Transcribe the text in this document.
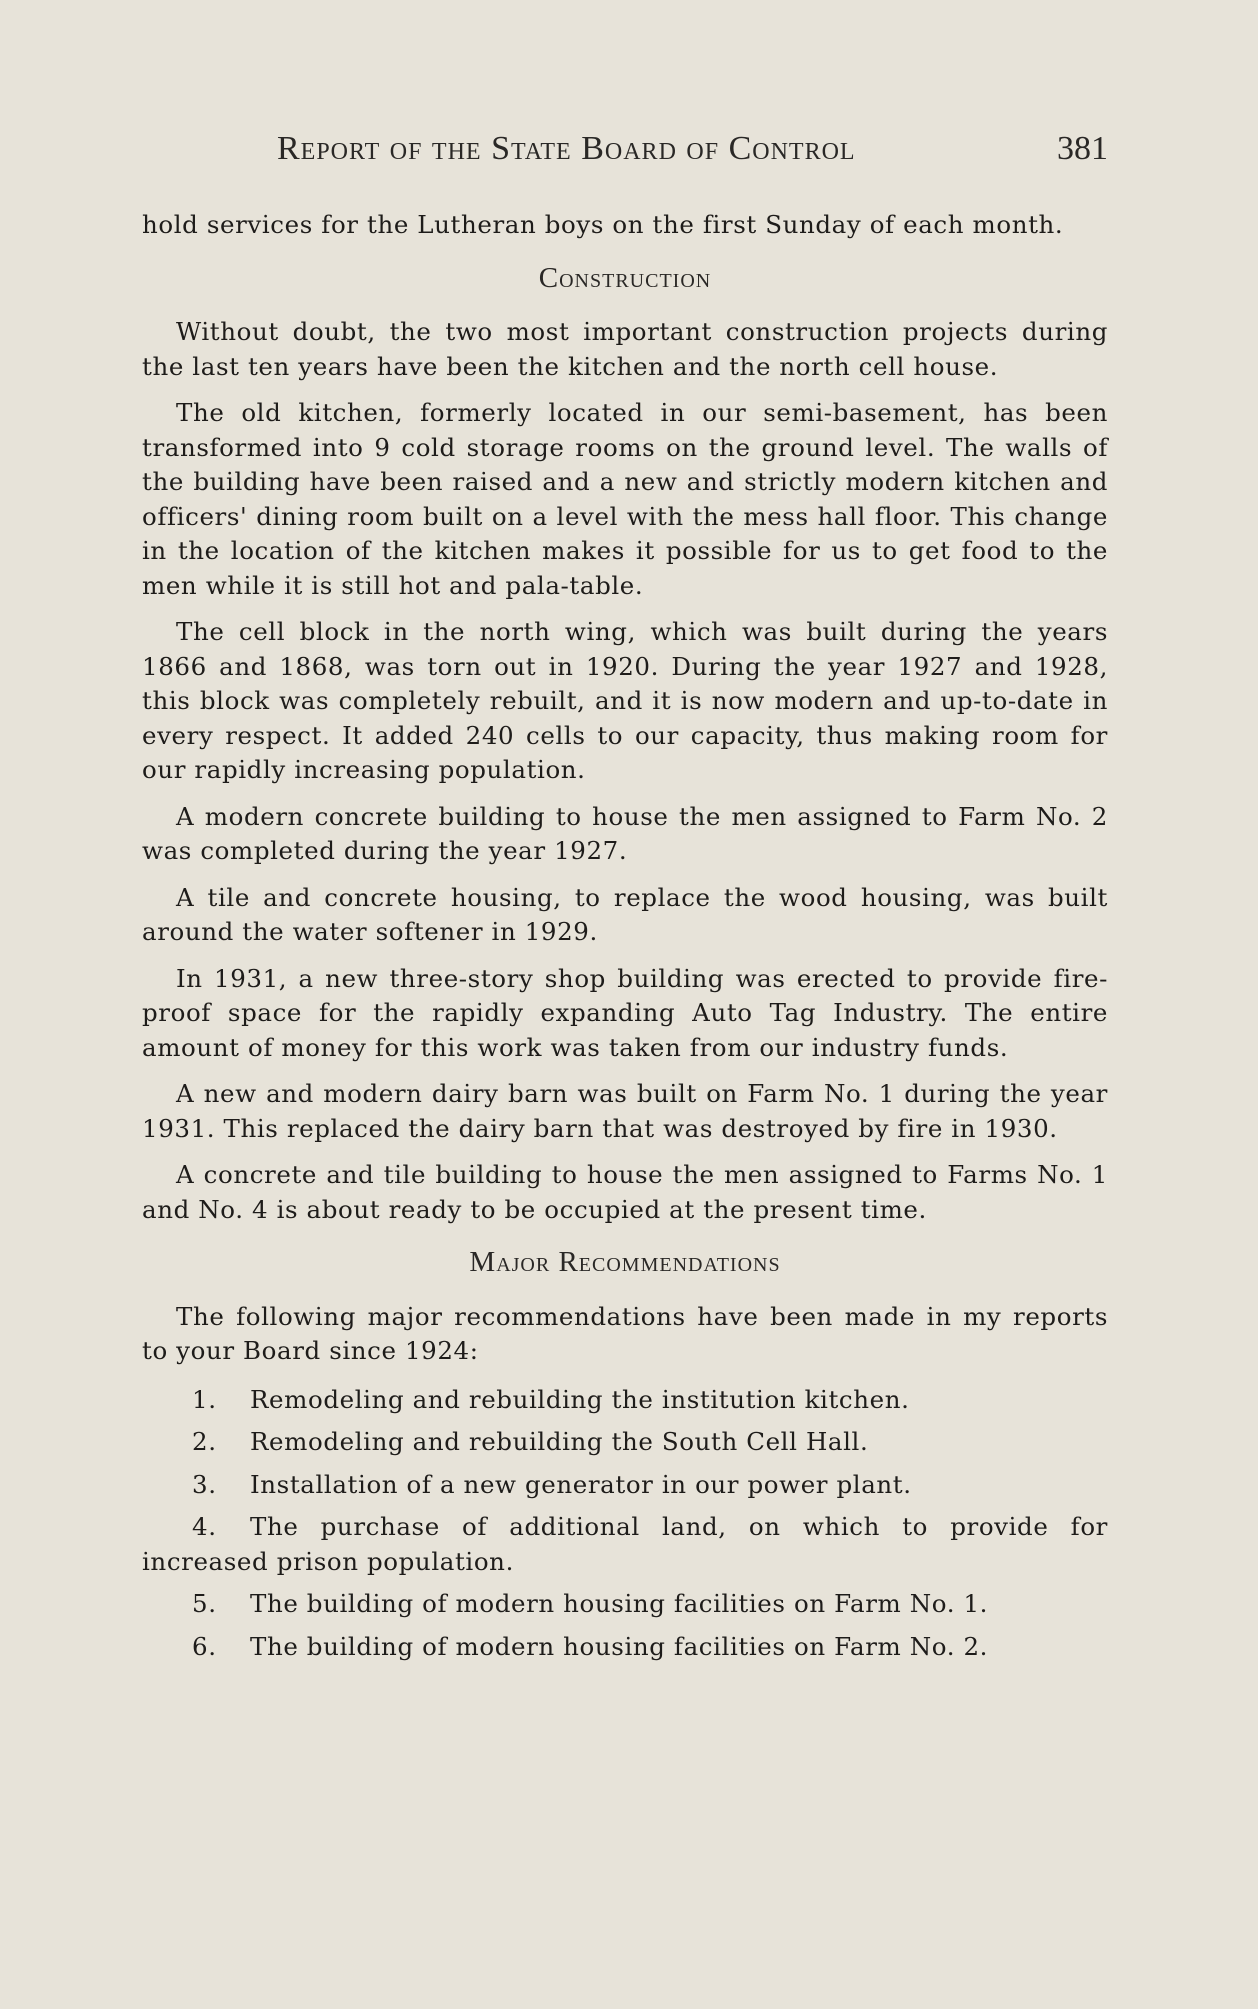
Report of the State Board of Control	381

hold services for the Lutheran boys on the first Sunday of each month.

Construction

Without doubt, the two most important construction projects during the last ten years have been the kitchen and the north cell house.

The old kitchen, formerly located in our semi-basement, has been transformed into 9 cold storage rooms on the ground level. The walls of the building have been raised and a new and strictly modern kitchen and officers' dining room built on a level with the mess hall floor. This change in the location of the kitchen makes it possible for us to get food to the men while it is still hot and pala-table.

The cell block in the north wing, which was built during the years 1866 and 1868, was torn out in 1920. During the year 1927 and 1928, this block was completely rebuilt, and it is now modern and up-to-date in every respect. It added 240 cells to our capacity, thus making room for our rapidly increasing population.

A modern concrete building to house the men assigned to Farm No. 2 was completed during the year 1927.

A tile and concrete housing, to replace the wood housing, was built around the water softener in 1929.

In 1931, a new three-story shop building was erected to provide fire-proof space for the rapidly expanding Auto Tag Industry. The entire amount of money for this work was taken from our industry funds.

A new and modern dairy barn was built on Farm No. 1 during the year 1931. This replaced the dairy barn that was destroyed by fire in 1930.

A concrete and tile building to house the men assigned to Farms No. 1 and No. 4 is about ready to be occupied at the present time.

Major Recommendations

The following major recommendations have been made in my reports to your Board since 1924:

1. Remodeling and rebuilding the institution kitchen.
2. Remodeling and rebuilding the South Cell Hall.
3. Installation of a new generator in our power plant.
4. The purchase of additional land, on which to provide for increased prison population.
5. The building of modern housing facilities on Farm No. 1.
6. The building of modern housing facilities on Farm No. 2.
